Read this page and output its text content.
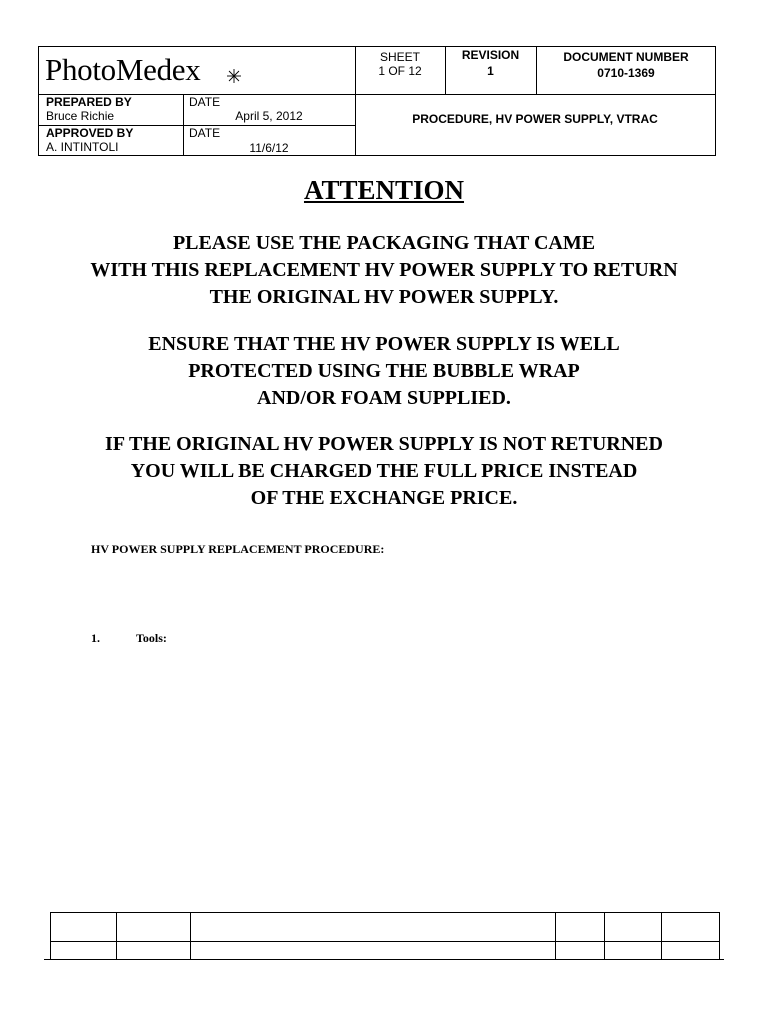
PhotoMedex	SHEET
1 OF 12
REVISION
1
DOCUMENT NUMBER
0710-1369
PREPARED BY
Bruce Richie
DATE
April 5, 2012
APPROVED BY
A. INTINTOLI
DATE
11/6/12
PROCEDURE, HV POWER SUPPLY, VTRAC
ATTENTION
PLEASE USE THE PACKAGING THAT CAME
WITH THIS REPLACEMENT HV POWER SUPPLY TO RETURN
THE ORIGINAL HV POWER SUPPLY.
ENSURE THAT THE HV POWER SUPPLY IS WELL
PROTECTED USING THE BUBBLE WRAP
AND/OR FOAM SUPPLIED.
IF THE ORIGINAL HV POWER SUPPLY IS NOT RETURNED
YOU WILL BE CHARGED THE FULL PRICE INSTEAD
OF THE EXCHANGE PRICE.
HV POWER SUPPLY REPLACEMENT PROCEDURE:
1.	Tools:
